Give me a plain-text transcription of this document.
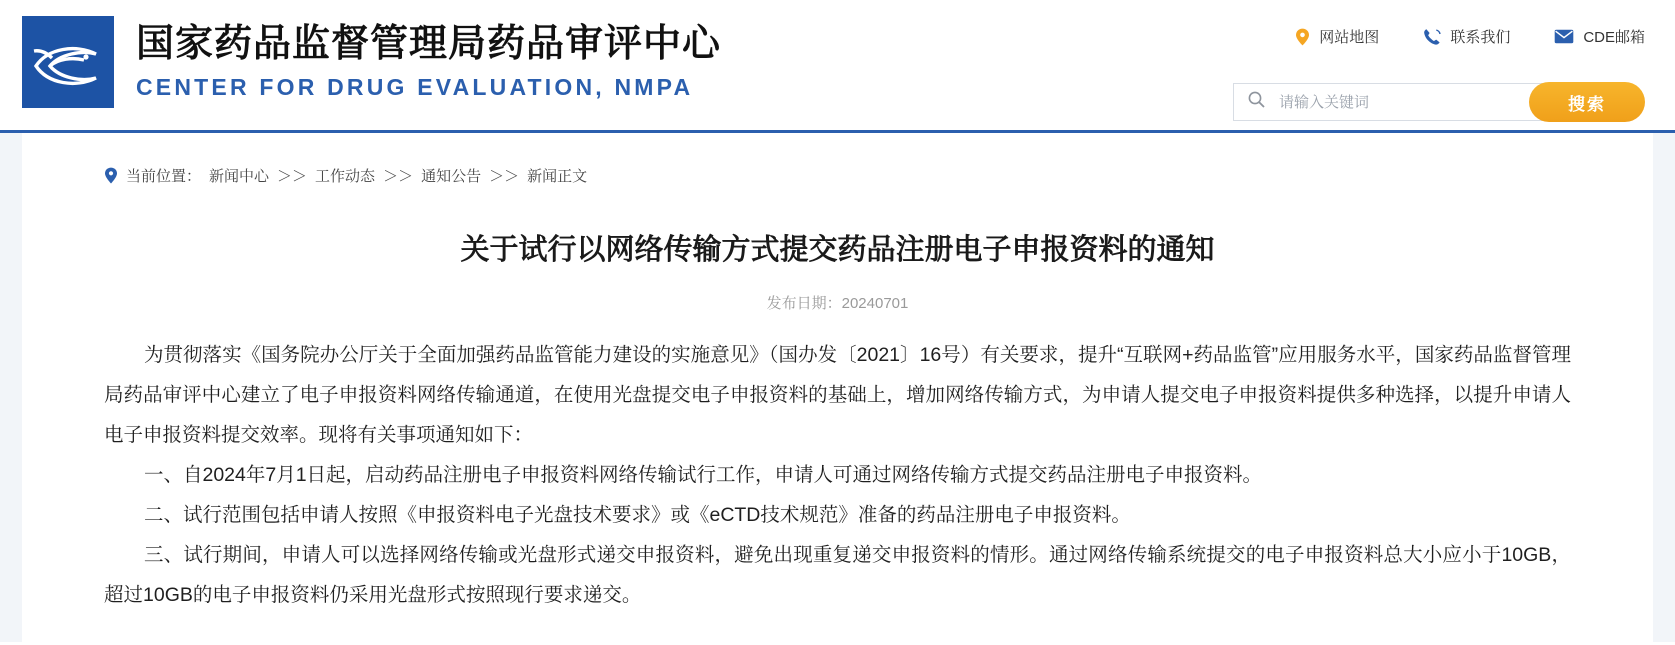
国家药品监督管理局药品审评中心
CENTER FOR DRUG EVALUATION, NMPA
网站地图	联系我们	CDE邮箱
请输入关键词
搜索
当前位置： 新闻中心 ＞＞ 工作动态 ＞＞ 通知公告 ＞＞ 新闻正文
关于试行以网络传输方式提交药品注册电子申报资料的通知
发布日期：20240701

为贯彻落实《国务院办公厅关于全面加强药品监管能力建设的实施意见》（国办发〔2021〕16号）有关要求，提升“互联网+药品监管”应用服务水平，国家药品监督管理局药品审评中心建立了电子申报资料网络传输通道，在使用光盘提交电子申报资料的基础上，增加网络传输方式，为申请人提交电子申报资料提供多种选择，以提升申请人电子申报资料提交效率。现将有关事项通知如下：

一、自2024年7月1日起，启动药品注册电子申报资料网络传输试行工作，申请人可通过网络传输方式提交药品注册电子申报资料。

二、试行范围包括申请人按照《申报资料电子光盘技术要求》或《eCTD技术规范》准备的药品注册电子申报资料。

三、试行期间，申请人可以选择网络传输或光盘形式递交申报资料，避免出现重复递交申报资料的情形。通过网络传输系统提交的电子申报资料总大小应小于10GB，超过10GB的电子申报资料仍采用光盘形式按照现行要求递交。
